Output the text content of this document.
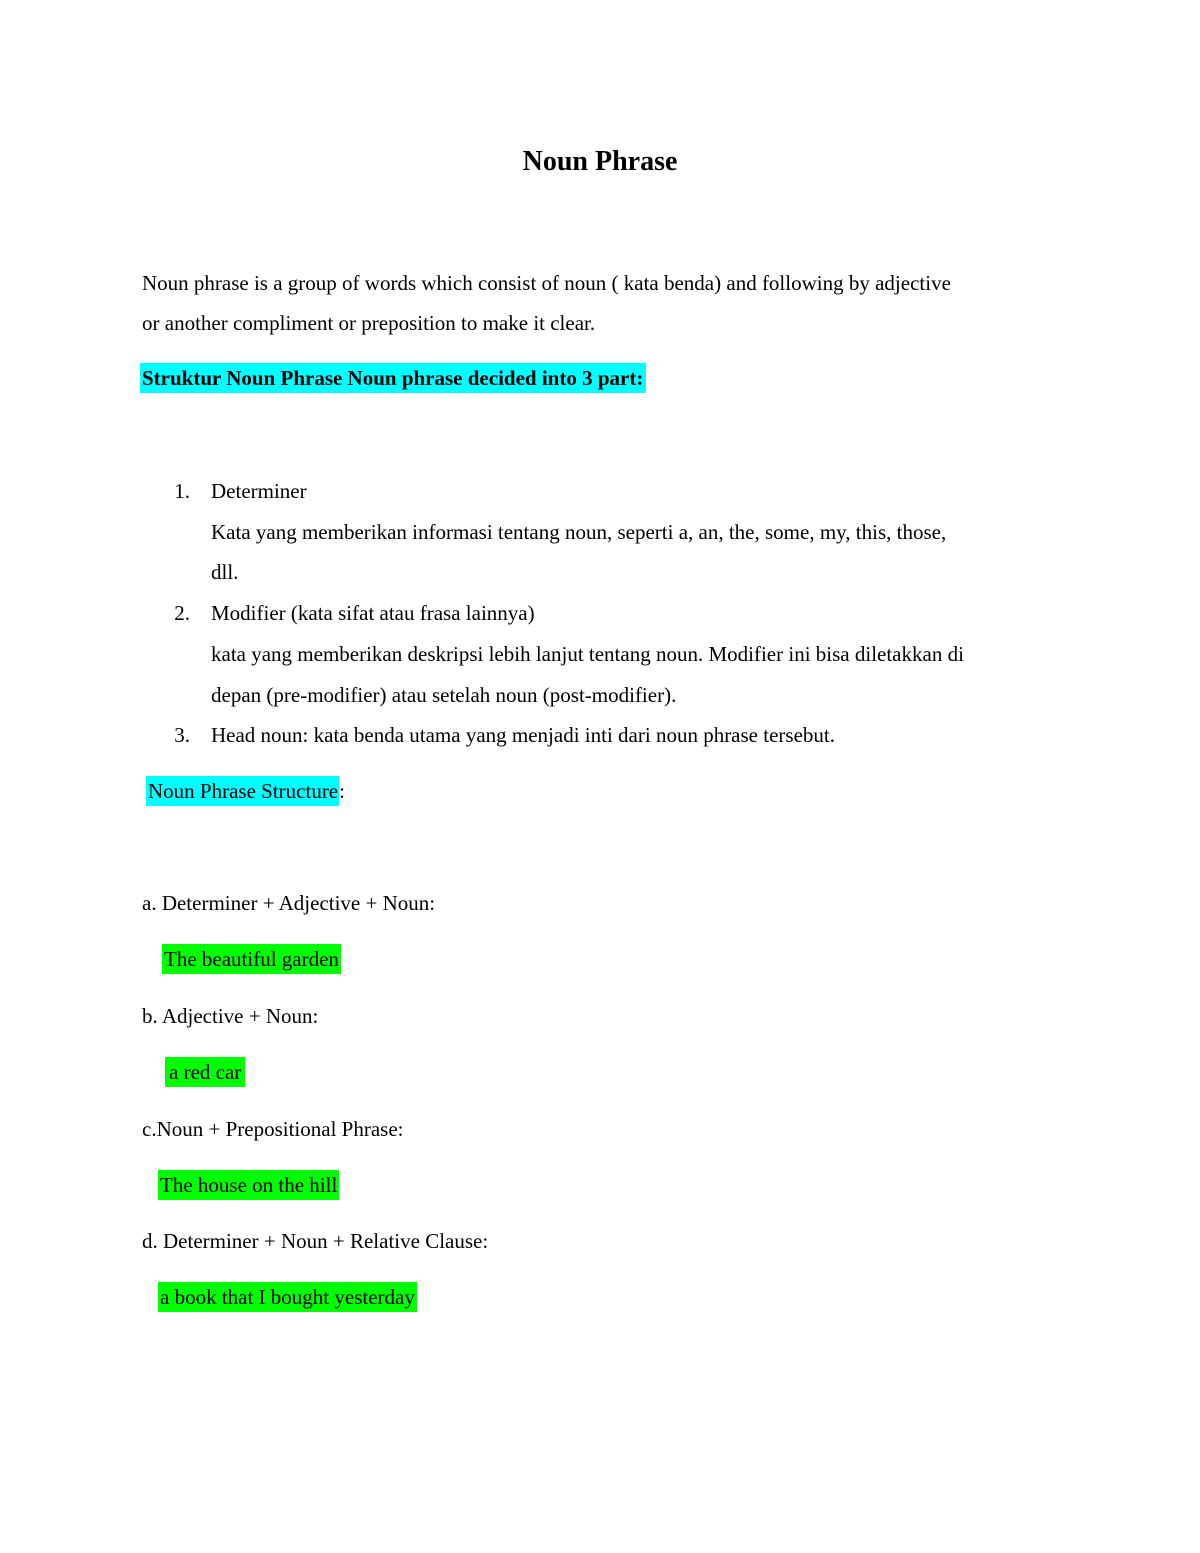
Noun Phrase
Noun phrase is a group of words which consist of noun ( kata benda) and following by adjective
or another compliment or preposition to make it clear.
Struktur Noun Phrase Noun phrase decided into 3 part:
1. Determiner
Kata yang memberikan informasi tentang noun, seperti a, an, the, some, my, this, those,
dll.
2. Modifier (kata sifat atau frasa lainnya)
kata yang memberikan deskripsi lebih lanjut tentang noun. Modifier ini bisa diletakkan di
depan (pre-modifier) atau setelah noun (post-modifier).
3. Head noun: kata benda utama yang menjadi inti dari noun phrase tersebut.
Noun Phrase Structure:
a. Determiner + Adjective + Noun:
The beautiful garden
b. Adjective + Noun:
a red car
c.Noun + Prepositional Phrase:
The house on the hill
d. Determiner + Noun + Relative Clause:
a book that I bought yesterday
